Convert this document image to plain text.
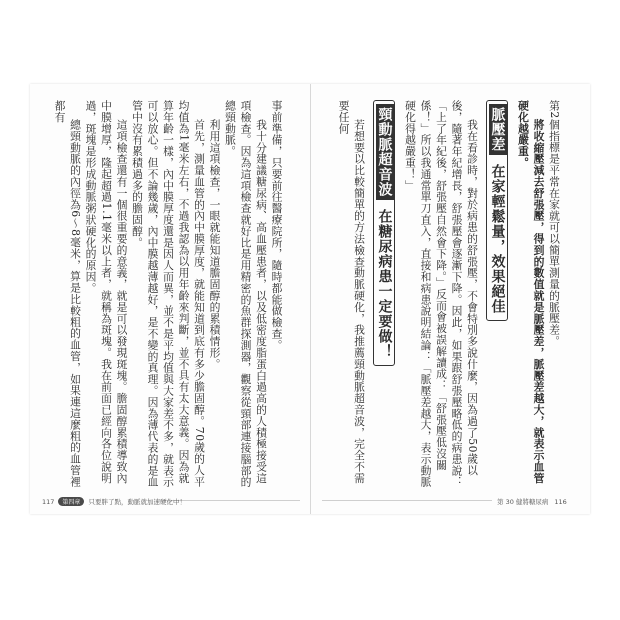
第2個指標是平常在家就可以簡單測量的脈壓差。

將收縮壓減去舒張壓，得到的數值就是脈壓差，脈壓差越大，就表示血管硬化越嚴重。

脈壓差 在家輕鬆量，效果絕佳

我在看診時，對於病患的舒張壓，不會特別多說什麼，因為過了50歲以後，隨著年紀增長，舒張壓會逐漸下降。因此，如果跟舒張壓略低的病患說：「上了年紀後，舒張壓自然會下降。」反而會被誤解讀成：「舒張壓低沒關係！」所以我通常單刀直入，直接和病患說明結論：「脈壓差越大，表示動脈硬化得越嚴重！」

頸動脈超音波 在糖尿病患一定要做！

若想要以比較簡單的方法檢查動脈硬化，我推薦頸動脈超音波，完全不需要任何

事前準備，只要前往醫療院所，隨時都能做檢查。

我十分建議糖尿病、高血壓患者，以及低密度脂蛋白過高的人積極接受這項檢查。因為這項檢查就好比是用精密的魚群探測器，觀察從頸部連接腦部的總頸動脈。

利用這項檢查，一眼就能知道膽固醇的累積情形。

首先，測量血管的內中膜厚度，就能知道到底有多少膽固醇。70歲的人平均值為1毫米左右，不過我認為以用年齡來判斷，並不具有太大意義。因為就算年齡一樣，內中膜厚度還是因人而異，並不是平均值與大家差不多，就表示可以放心。但不論幾歲，內中膜越薄越好，是不變的真理。因為薄代表的是血管中沒有累積過多的膽固醇。

這項檢查還有一個很重要的意義，就是可以發現斑塊。膽固醇累積導致內中膜增厚，隆起超過1.1毫米以上者，就稱為斑塊。我在前面已經向各位說明過，斑塊是形成動脈粥狀硬化的原因。

總頸動脈的內徑為6～8毫米，算是比較粗的血管，如果連這麼粗的血管裡都有

117	第四章	只要胖了點，動脈就加速硬化中！	第 30 健將糖尿病 116
